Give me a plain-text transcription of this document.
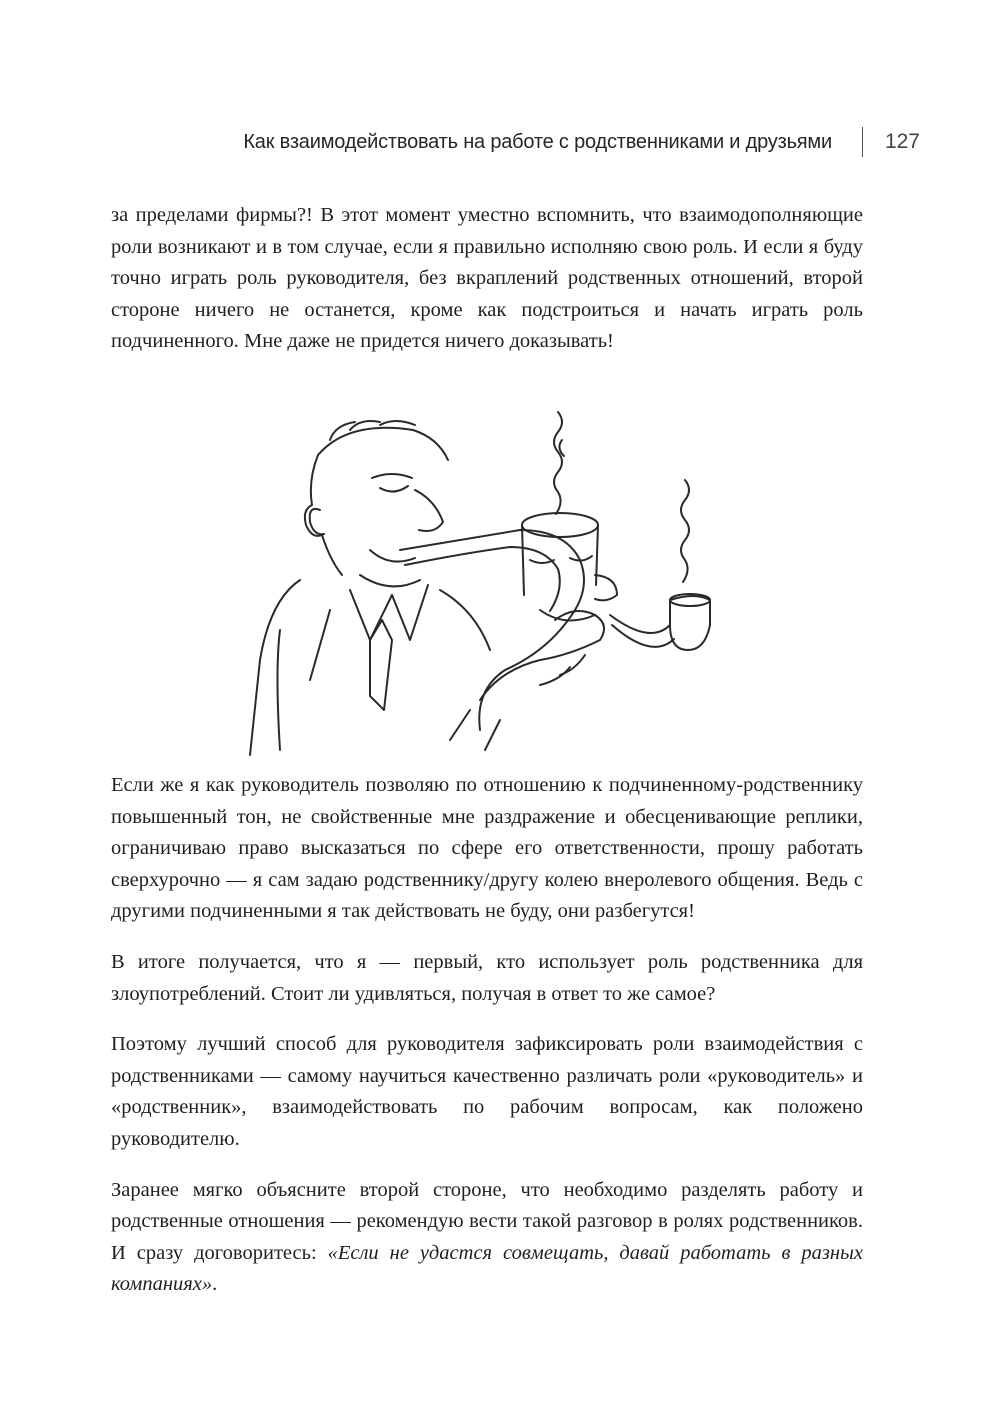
Как взаимодействовать на работе с родственниками и друзьями	127

за пределами фирмы?! В этот момент уместно вспомнить, что взаимодополняющие роли возникают и в том случае, если я правильно исполняю свою роль. И если я буду точно играть роль руководителя, без вкраплений родственных отношений, второй стороне ничего не останется, кроме как подстроиться и начать играть роль подчиненного. Мне даже не придется ничего доказывать!

Если же я как руководитель позволяю по отношению к подчиненному-родственнику повышенный тон, не свойственные мне раздражение и обесценивающие реплики, ограничиваю право высказаться по сфере его ответственности, прошу работать сверхурочно — я сам задаю родственнику/другу колею внеролевого общения. Ведь с другими подчиненными я так действовать не буду, они разбегутся!

В итоге получается, что я — первый, кто использует роль родственника для злоупотреблений. Стоит ли удивляться, получая в ответ то же самое?

Поэтому лучший способ для руководителя зафиксировать роли взаимодействия с родственниками — самому научиться качественно различать роли «руководитель» и «родственник», взаимодействовать по рабочим вопросам, как положено руководителю.

Заранее мягко объясните второй стороне, что необходимо разделять работу и родственные отношения — рекомендую вести такой разговор в ролях родственников. И сразу договоритесь: «Если не удастся совмещать, давай работать в разных компаниях».
